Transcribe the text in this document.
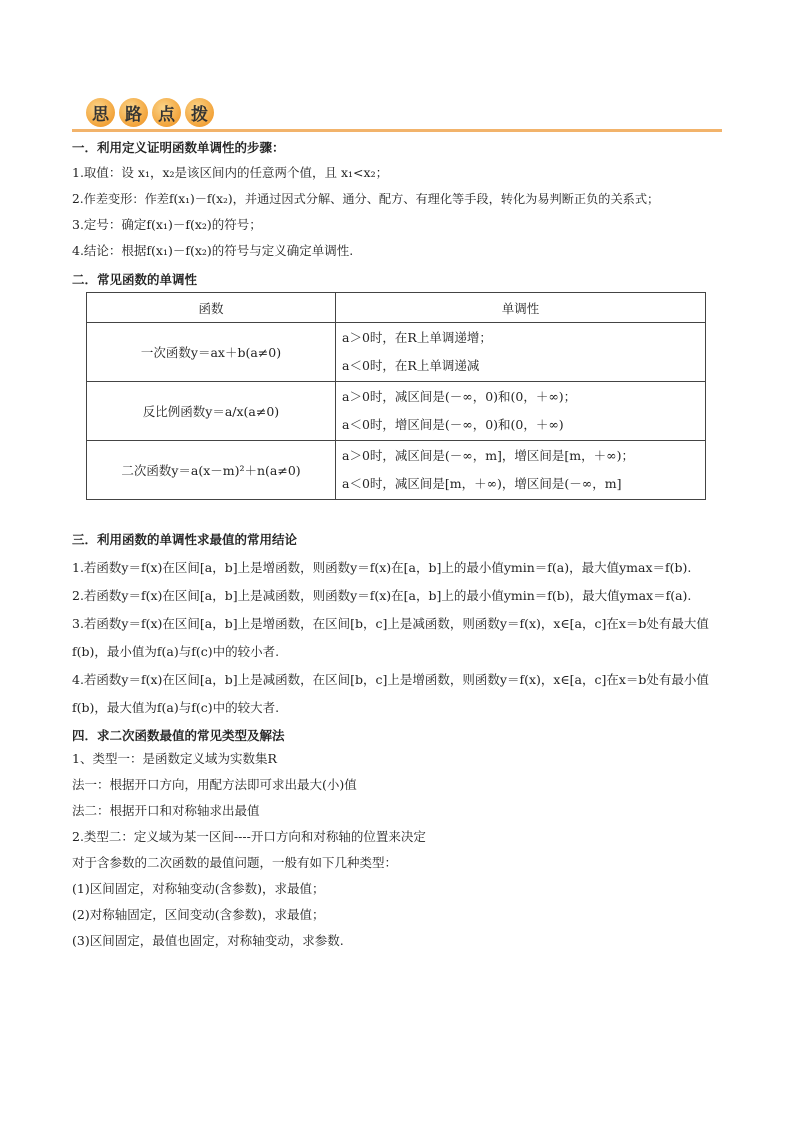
思 路 点 拨

一．利用定义证明函数单调性的步骤：

1.取值：设 x₁，x₂是该区间内的任意两个值，且 x₁<x₂；

2.作差变形：作差f(x₁)－f(x₂)，并通过因式分解、通分、配方、有理化等手段，转化为易判断正负的关系式；

3.定号：确定f(x₁)－f(x₂)的符号；

4.结论：根据f(x₁)－f(x₂)的符号与定义确定单调性.

二．常见函数的单调性

函数	单调性
一次函数y＝ax＋b(a≠0)	a＞0时，在R上单调递增；
a＜0时，在R上单调递减

反比例函数y＝a/x(a≠0)	a＞0时，减区间是(－∞，0)和(0，＋∞)；
a＜0时，增区间是(－∞，0)和(0，＋∞)

二次函数y＝a(x－m)²＋n(a≠0)	a＞0时，减区间是(－∞，m]，增区间是[m，＋∞)；
a＜0时，减区间是[m，＋∞)，增区间是(－∞，m]

三．利用函数的单调性求最值的常用结论

1.若函数y＝f(x)在区间[a，b]上是增函数，则函数y＝f(x)在[a，b]上的最小值ymin＝f(a)，最大值ymax＝f(b).

2.若函数y＝f(x)在区间[a，b]上是减函数，则函数y＝f(x)在[a，b]上的最小值ymin＝f(b)，最大值ymax＝f(a).

3.若函数y＝f(x)在区间[a，b]上是增函数，在区间[b，c]上是减函数，则函数y＝f(x)，x∈[a，c]在x＝b处有最大值f(b)，最小值为f(a)与f(c)中的较小者.

4.若函数y＝f(x)在区间[a，b]上是减函数，在区间[b，c]上是增函数，则函数y＝f(x)，x∈[a，c]在x＝b处有最小值f(b)，最大值为f(a)与f(c)中的较大者.

四．求二次函数最值的常见类型及解法

1、类型一：是函数定义域为实数集R

法一：根据开口方向，用配方法即可求出最大(小)值

法二：根据开口和对称轴求出最值

2.类型二：定义域为某一区间----开口方向和对称轴的位置来决定

对于含参数的二次函数的最值问题，一般有如下几种类型：

(1)区间固定，对称轴变动(含参数)，求最值；

(2)对称轴固定，区间变动(含参数)，求最值；

(3)区间固定，最值也固定，对称轴变动，求参数.
